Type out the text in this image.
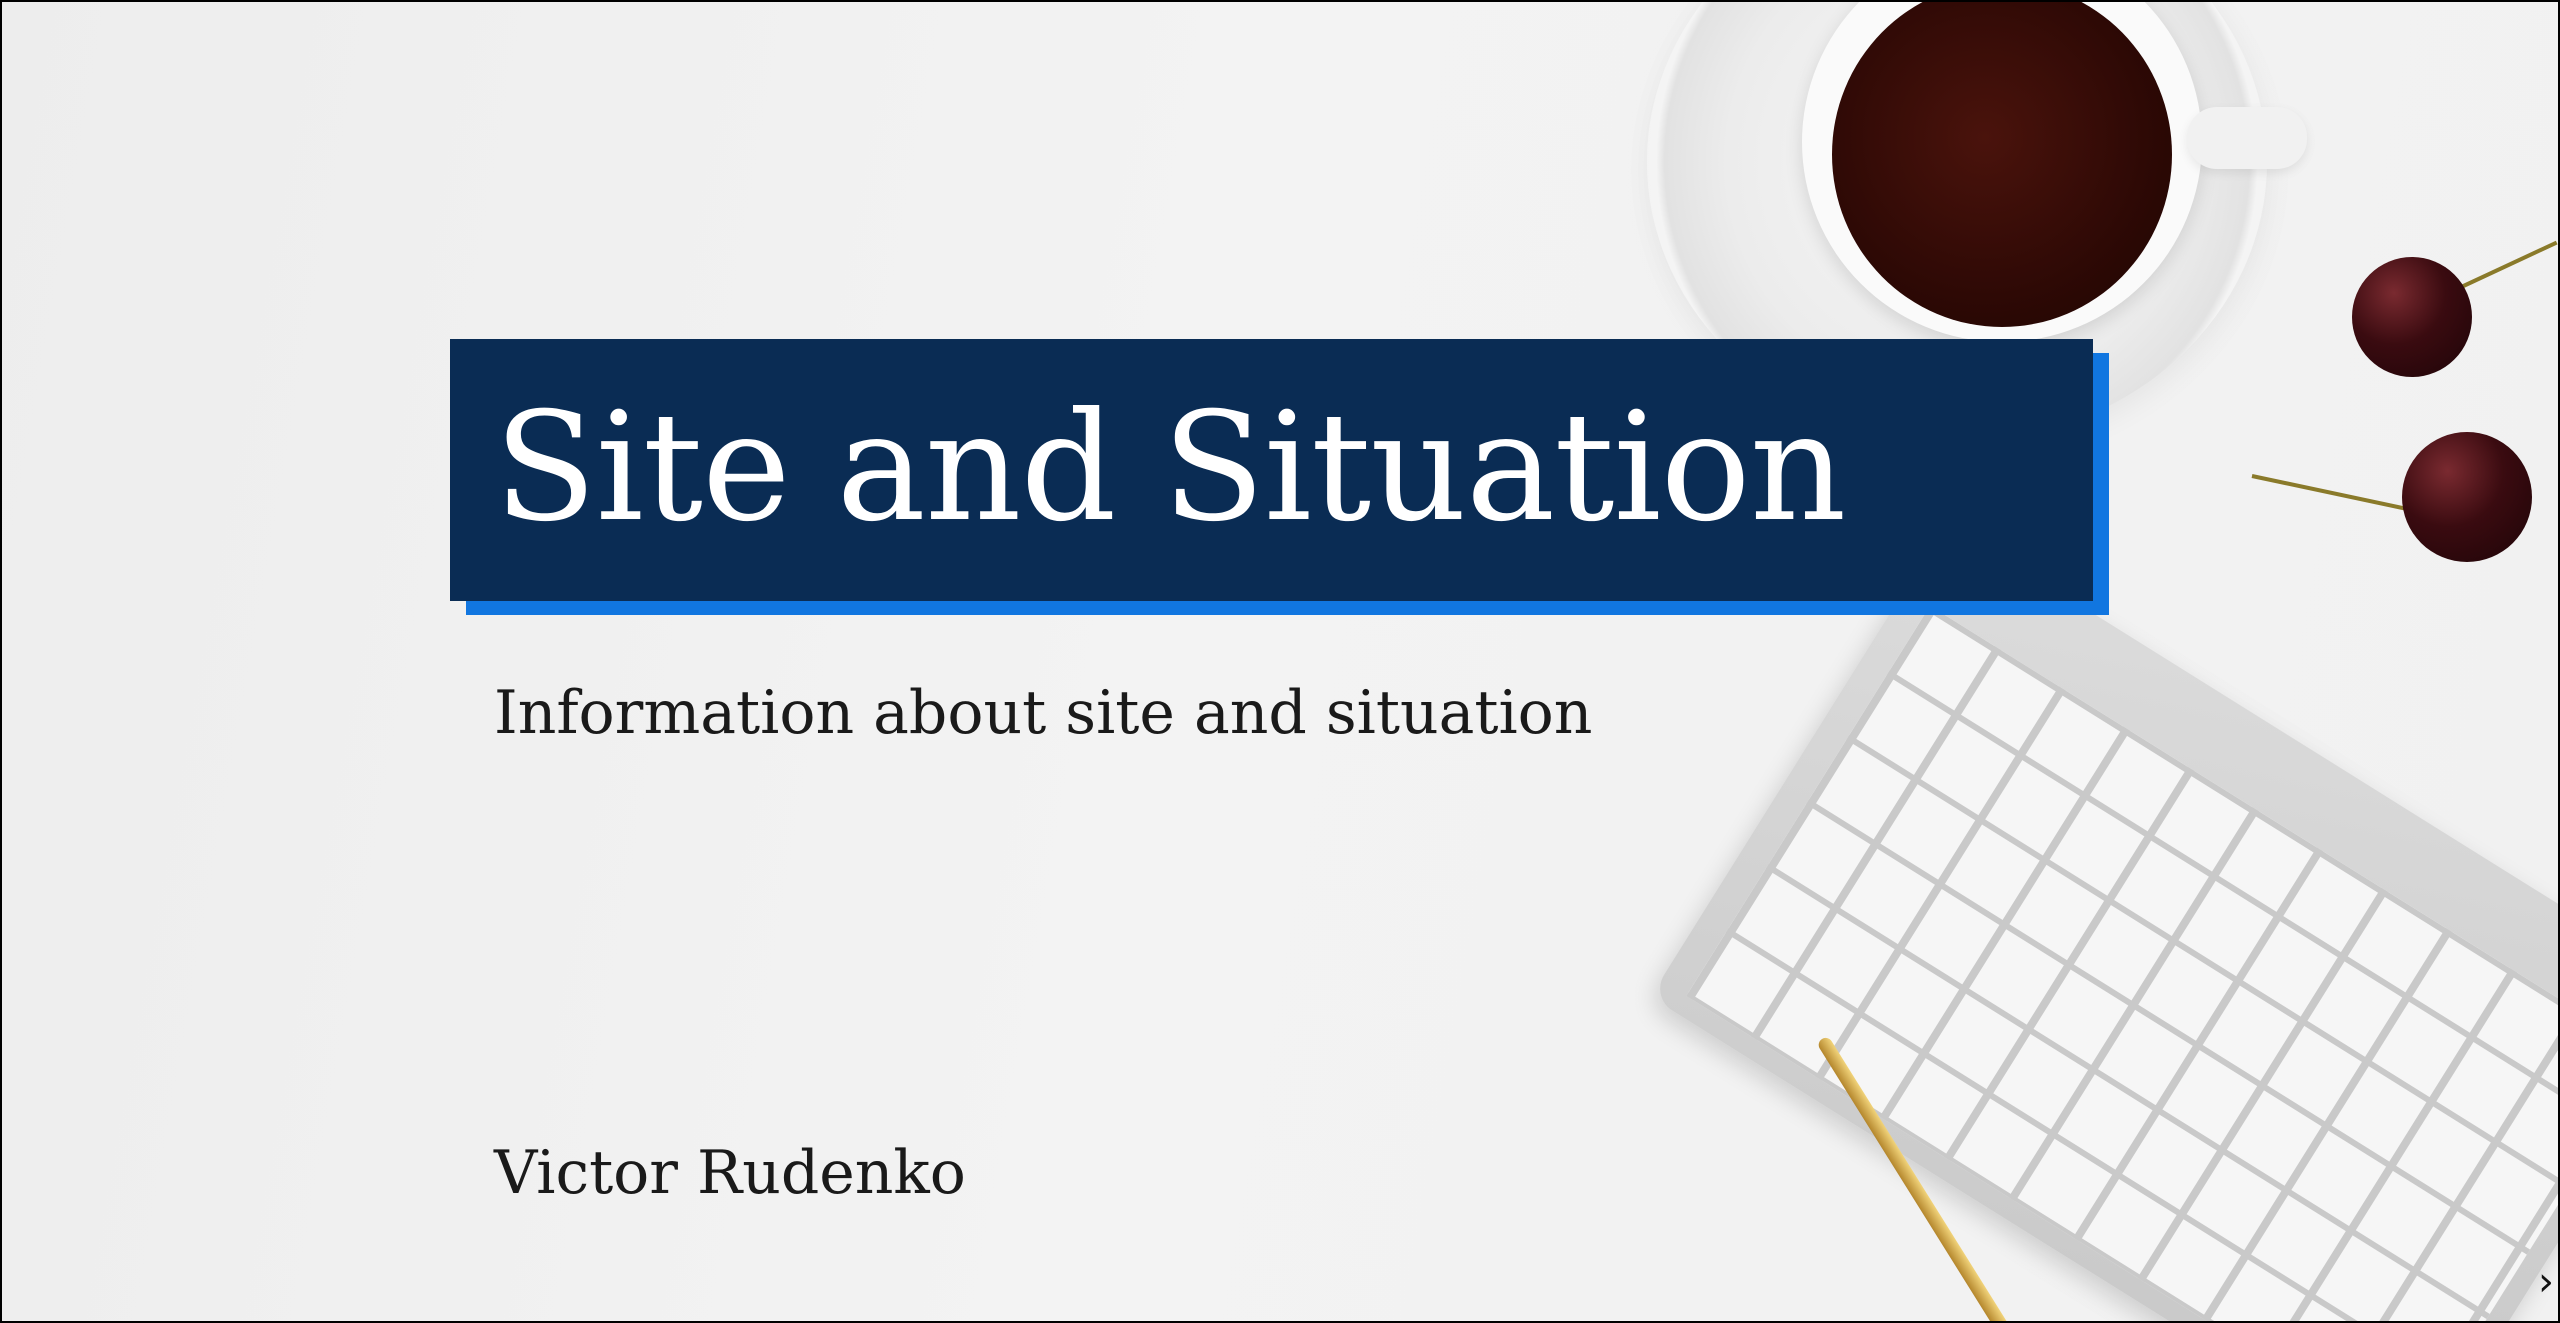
Site and Situation

Information about site and situation

Victor Rudenko

›
